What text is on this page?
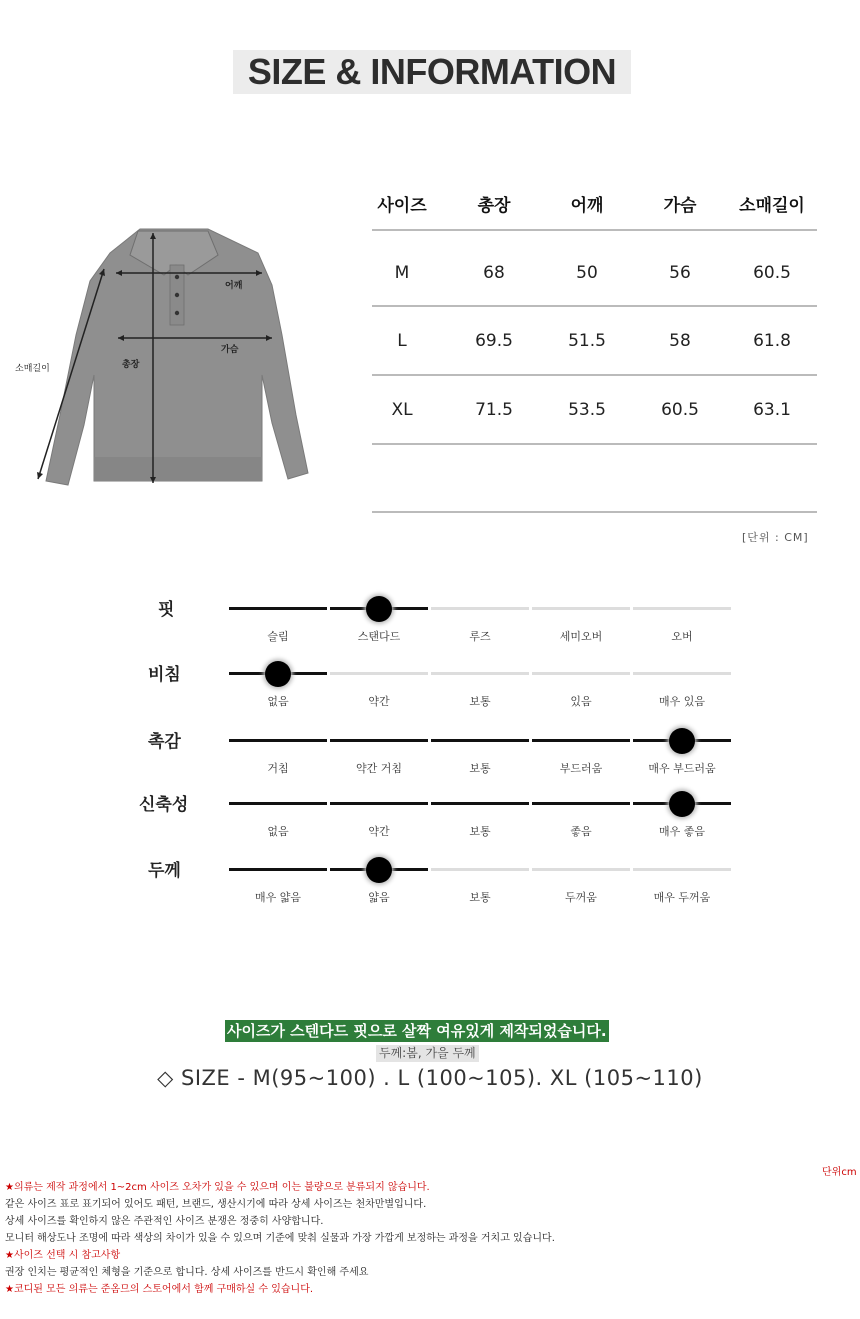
SIZE & INFORMATION
어깨
가슴
총장
소매길이
사이즈	총장	어깨	가슴	소매길이
M	68	50	56	60.5
L	69.5	51.5	58	61.8
XL	71.5	53.5	60.5	63.1
[단위 : CM]
핏
슬림	스탠다드	루즈	세미오버	오버
비침
없음	약간	보통	있음	매우 있음
촉감
거침	약간 거침	보통	부드러움	매우 부드러움
신축성
없음	약간	보통	좋음	매우 좋음
두께
매우 얇음	얇음	보통	두꺼움	매우 두꺼움
사이즈가 스텐다드 핏으로 살짝 여유있게 제작되었습니다.
두께:봄, 가을 두께
◇ SIZE - M(95~100) . L (100~105). XL (105~110)
단위cm
★의류는 제작 과정에서 1~2cm 사이즈 오차가 있을 수 있으며 이는 불량으로 분류되지 않습니다.
같은 사이즈 표로 표기되어 있어도 패턴, 브랜드, 생산시기에 따라 상세 사이즈는 천차만별입니다.
상세 사이즈를 확인하지 않은 주관적인 사이즈 분쟁은 정중히 사양합니다.
모니터 해상도나 조명에 따라 색상의 차이가 있을 수 있으며 기준에 맞춰 실물과 가장 가깝게 보정하는 과정을 거치고 있습니다.
★사이즈 선택 시 참고사항
권장 인치는 평균적인 체형을 기준으로 합니다. 상세 사이즈를 반드시 확인해 주세요
★코디된 모든 의류는 준옴므의 스토어에서 함께 구매하실 수 있습니다.
